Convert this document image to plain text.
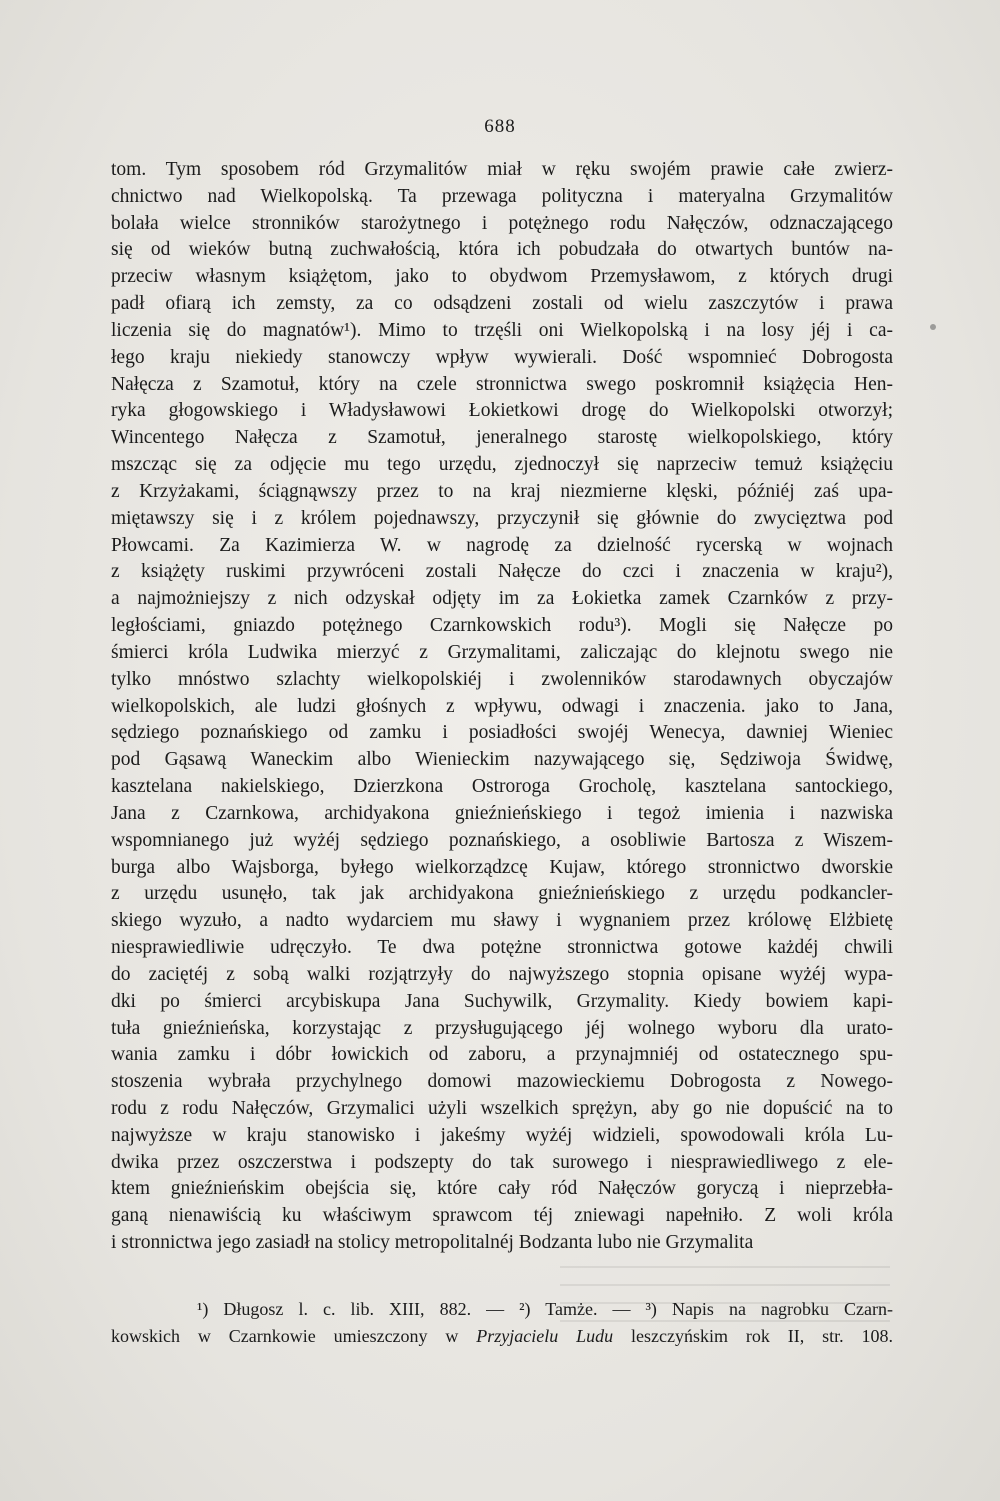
688
tom. Tym sposobem ród Grzymalitów miał w ręku swojém prawie całe zwierz-
chnictwo nad Wielkopolską. Ta przewaga polityczna i materyalna Grzymalitów
bolała wielce stronników starożytnego i potężnego rodu Nałęczów, odznaczającego
się od wieków butną zuchwałością, która ich pobudzała do otwartych buntów na-
przeciw własnym książętom, jako to obydwom Przemysławom, z których drugi
padł ofiarą ich zemsty, za co odsądzeni zostali od wielu zaszczytów i prawa
liczenia się do magnatów¹). Mimo to trzęśli oni Wielkopolską i na losy jéj i ca-
łego kraju niekiedy stanowczy wpływ wywierali. Dość wspomnieć Dobrogosta
Nałęcza z Szamotuł, który na czele stronnictwa swego poskromnił książęcia Hen-
ryka głogowskiego i Władysławowi Łokietkowi drogę do Wielkopolski otworzył;
Wincentego Nałęcza z Szamotuł, jeneralnego starostę wielkopolskiego, który
mszcząc się za odjęcie mu tego urzędu, zjednoczył się naprzeciw temuż książęciu
z Krzyżakami, ściągnąwszy przez to na kraj niezmierne klęski, późniéj zaś upa-
miętawszy się i z królem pojednawszy, przyczynił się głównie do zwycięztwa pod
Płowcami. Za Kazimierza W. w nagrodę za dzielność rycerską w wojnach
z książęty ruskimi przywróceni zostali Nałęcze do czci i znaczenia w kraju²),
a najmożniejszy z nich odzyskał odjęty im za Łokietka zamek Czarnków z przy-
ległościami, gniazdo potężnego Czarnkowskich rodu³). Mogli się Nałęcze po
śmierci króla Ludwika mierzyć z Grzymalitami, zaliczając do klejnotu swego nie
tylko mnóstwo szlachty wielkopolskiéj i zwolenników starodawnych obyczajów
wielkopolskich, ale ludzi głośnych z wpływu, odwagi i znaczenia. jako to Jana,
sędziego poznańskiego od zamku i posiadłości swojéj Wenecya, dawniej Wieniec
pod Gąsawą Waneckim albo Wienieckim nazywającego się, Sędziwoja Świdwę,
kasztelana nakielskiego, Dzierzkona Ostroroga Grocholę, kasztelana santockiego,
Jana z Czarnkowa, archidyakona gnieźnieńskiego i tegoż imienia i nazwiska
wspomnianego już wyżéj sędziego poznańskiego, a osobliwie Bartosza z Wiszem-
burga albo Wajsborga, byłego wielkorządzcę Kujaw, którego stronnictwo dworskie
z urzędu usunęło, tak jak archidyakona gnieźnieńskiego z urzędu podkancler-
skiego wyzuło, a nadto wydarciem mu sławy i wygnaniem przez królowę Elżbietę
niesprawiedliwie udręczyło. Te dwa potężne stronnictwa gotowe każdéj chwili
do zaciętéj z sobą walki rozjątrzyły do najwyższego stopnia opisane wyżéj wypa-
dki po śmierci arcybiskupa Jana Suchywilk, Grzymality. Kiedy bowiem kapi-
tuła gnieźnieńska, korzystając z przysługującego jéj wolnego wyboru dla urato-
wania zamku i dóbr łowickich od zaboru, a przynajmniéj od ostatecznego spu-
stoszenia wybrała przychylnego domowi mazowieckiemu Dobrogosta z Nowego-
rodu z rodu Nałęczów, Grzymalici użyli wszelkich sprężyn, aby go nie dopuścić na to
najwyższe w kraju stanowisko i jakeśmy wyżéj widzieli, spowodowali króla Lu-
dwika przez oszczerstwa i podszepty do tak surowego i niesprawiedliwego z ele-
ktem gnieźnieńskim obejścia się, które cały ród Nałęczów goryczą i nieprzebła-
ganą nienawiścią ku właściwym sprawcom téj zniewagi napełniło. Z woli króla
i stronnictwa jego zasiadł na stolicy metropolitalnéj Bodzanta lubo nie Grzymalita
¹) Długosz l. c. lib. XIII, 882. — ²) Tamże. — ³) Napis na nagrobku Czarn-
kowskich w Czarnkowie umieszczony w Przyjacielu Ludu leszczyńskim rok II, str. 108.
